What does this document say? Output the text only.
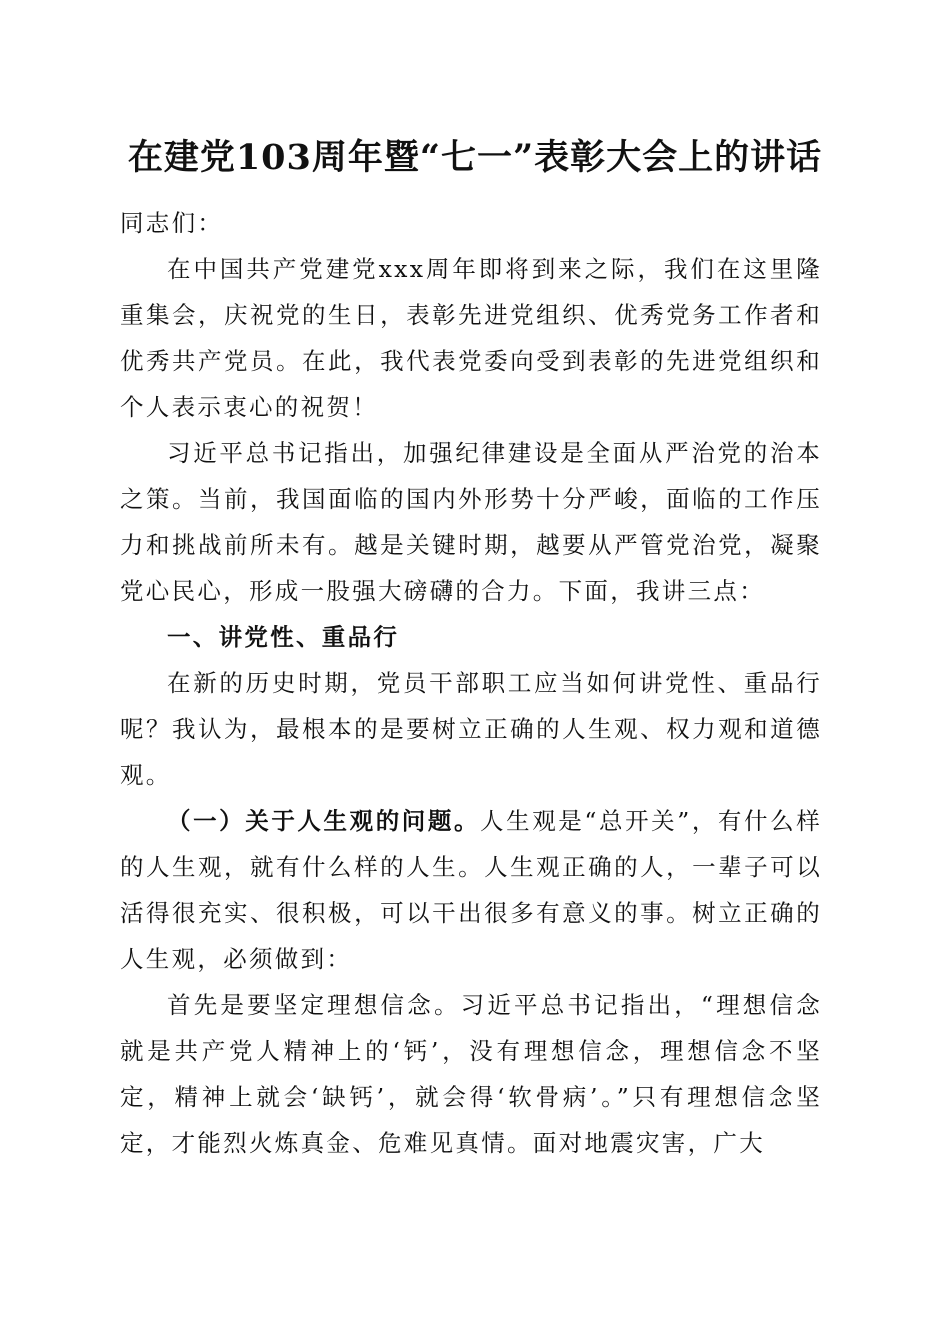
在建党103周年暨“七一”表彰大会上的讲话

同志们：

在中国共产党建党xxx周年即将到来之际，我们在这里隆重集会，庆祝党的生日，表彰先进党组织、优秀党务工作者和优秀共产党员。在此，我代表党委向受到表彰的先进党组织和个人表示衷心的祝贺！

习近平总书记指出，加强纪律建设是全面从严治党的治本之策。当前，我国面临的国内外形势十分严峻，面临的工作压力和挑战前所未有。越是关键时期，越要从严管党治党，凝聚党心民心，形成一股强大磅礴的合力。下面，我讲三点：

一、讲党性、重品行

在新的历史时期，党员干部职工应当如何讲党性、重品行呢？我认为，最根本的是要树立正确的人生观、权力观和道德观。

（一）关于人生观的问题。人生观是“总开关”，有什么样的人生观，就有什么样的人生。人生观正确的人，一辈子可以活得很充实、很积极，可以干出很多有意义的事。树立正确的人生观，必须做到：

首先是要坚定理想信念。习近平总书记指出，“理想信念就是共产党人精神上的‘钙’，没有理想信念，理想信念不坚定，精神上就会‘缺钙’，就会得‘软骨病’。”只有理想信念坚定，才能烈火炼真金、危难见真情。面对地震灾害，广大
